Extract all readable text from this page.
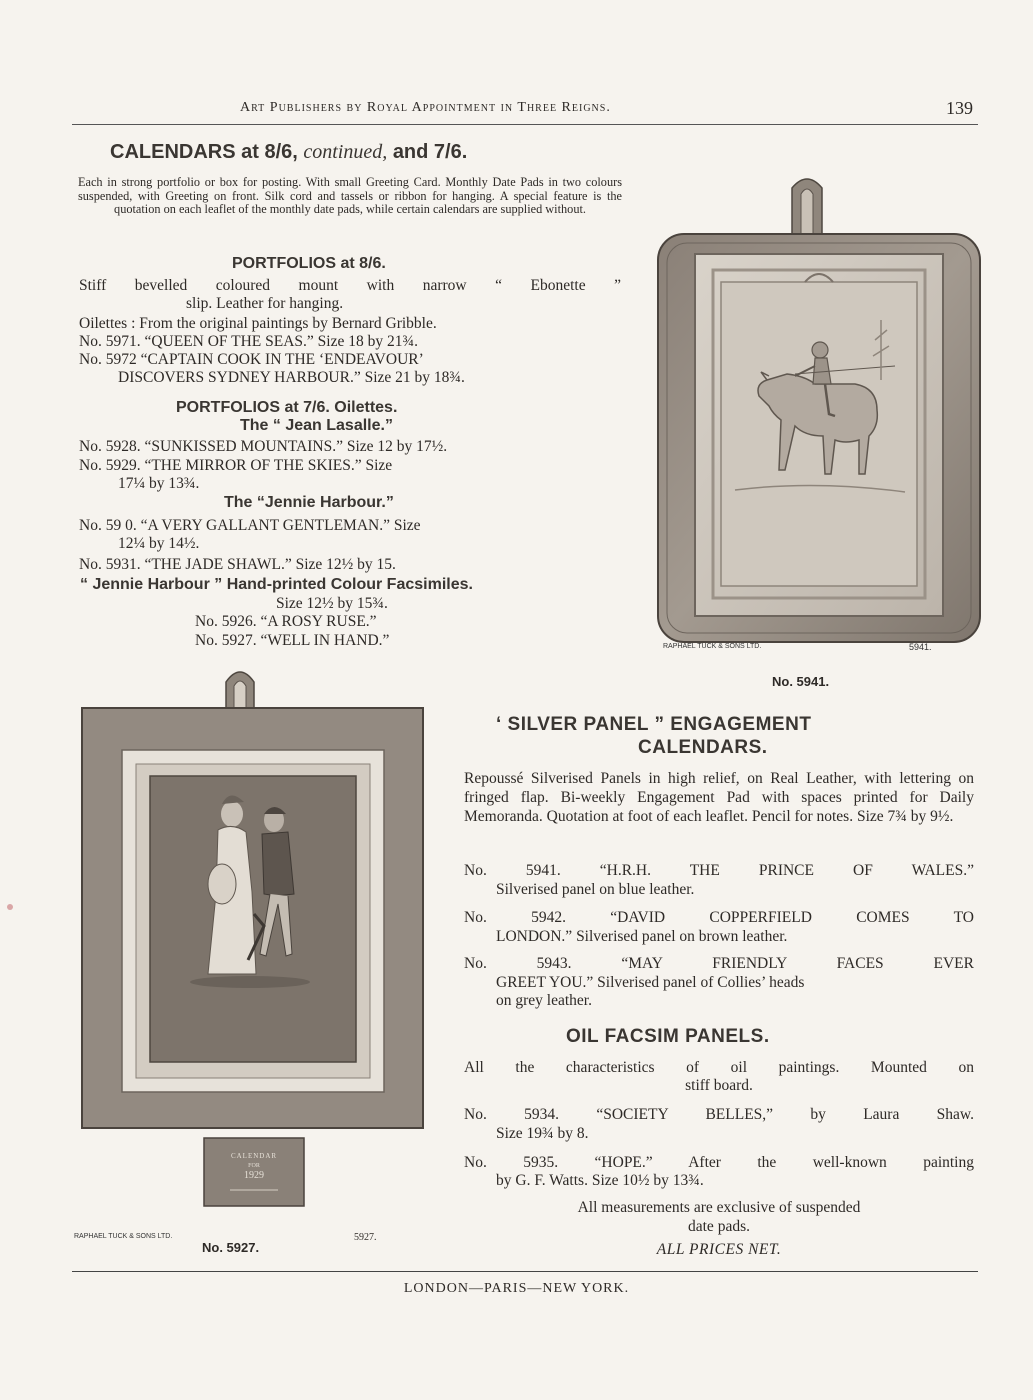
Art Publishers by Royal Appointment in Three Reigns.	139
CALENDARS at 8/6, continued, and 7/6.
Each in strong portfolio or box for posting. With small Greeting Card. Monthly Date Pads in two colours suspended, with Greeting on front. Silk cord and tassels or ribbon for hanging. A special feature is the quotation on each leaflet of the monthly date pads, while certain calendars are supplied without.
PORTFOLIOS at 8/6.
Stiff bevelled coloured mount with narrow “ Ebonette ”
slip. Leather for hanging.
Oilettes : From the original paintings by Bernard Gribble.
No. 5971. “QUEEN OF THE SEAS.” Size 18 by 21¾.
No. 5972 “CAPTAIN COOK IN THE ‘ENDEAVOUR’
DISCOVERS SYDNEY HARBOUR.” Size 21 by 18¾.
PORTFOLIOS at 7/6. Oilettes.
The “ Jean Lasalle.”
No. 5928. “SUNKISSED MOUNTAINS.” Size 12 by 17½.
No. 5929. “THE MIRROR OF THE SKIES.” Size
17¼ by 13¾.
The “Jennie Harbour.”
No. 59 0. “A VERY GALLANT GENTLEMAN.” Size
12¼ by 14½.
No. 5931. “THE JADE SHAWL.” Size 12½ by 15.
“ Jennie Harbour ” Hand-printed Colour Facsimiles.
Size 12½ by 15¾.
No. 5926. “A ROSY RUSE.”
No. 5927. “WELL IN HAND.”	RAPHAEL TUCK & SONS LTD.	5941.
No. 5941.
CALENDAR
FOR
1929
RAPHAEL TUCK & SONS LTD.	5927.
No. 5927.
‘ SILVER PANEL ” ENGAGEMENT
CALENDARS.
Repoussé Silverised Panels in high relief, on Real Leather, with lettering on fringed flap. Bi-weekly Engagement Pad with spaces printed for Daily Memoranda. Quotation at foot of each leaflet. Pencil for notes. Size 7¾ by 9½.
No. 5941. “H.R.H. THE PRINCE OF WALES.”
Silverised panel on blue leather.
No. 5942. “DAVID COPPERFIELD COMES TO
LONDON.” Silverised panel on brown leather.
No. 5943. “MAY FRIENDLY FACES EVER
GREET YOU.” Silverised panel of Collies’ heads
on grey leather.
OIL FACSIM PANELS.
All the characteristics of oil paintings. Mounted on
stiff board.
No. 5934. “SOCIETY BELLES,” by Laura Shaw.
Size 19¾ by 8.
No. 5935. “HOPE.” After the well-known painting
by G. F. Watts. Size 10½ by 13¾.
All measurements are exclusive of suspended
date pads.
ALL PRICES NET.
LONDON—PARIS—NEW YORK.
